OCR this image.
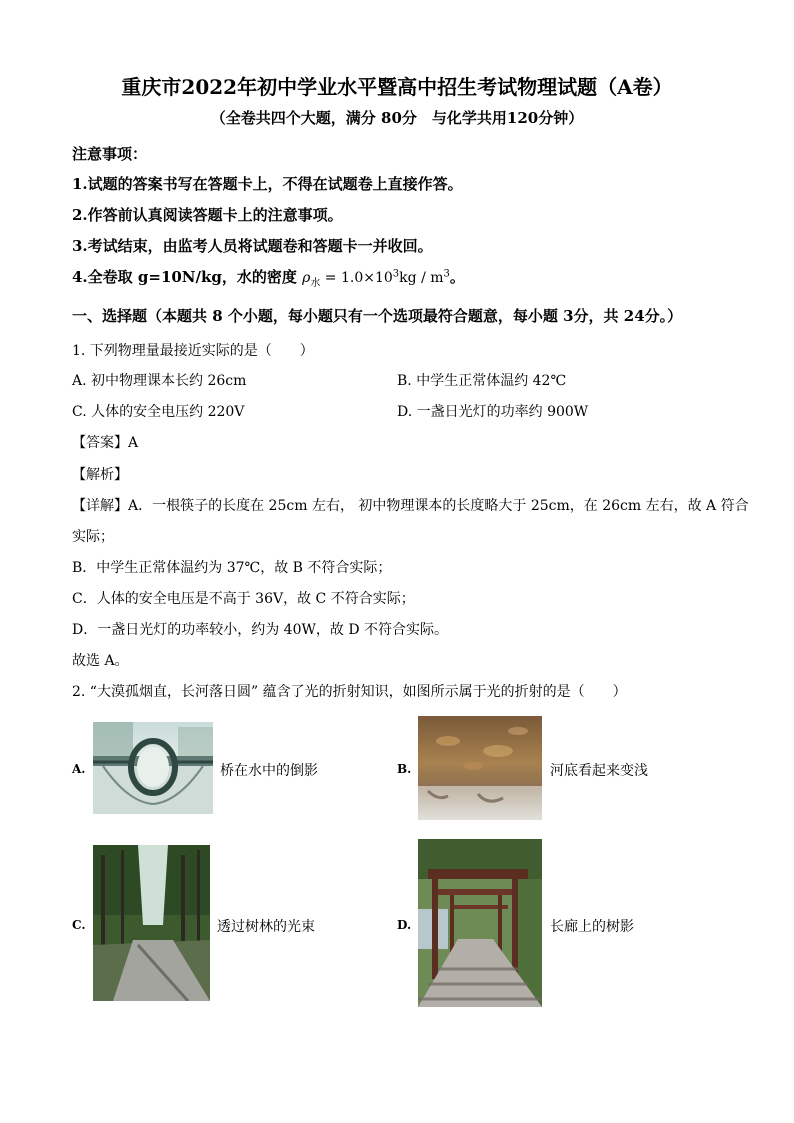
重庆市2022年初中学业水平暨高中招生考试物理试题（A卷）
（全卷共四个大题，满分 80分　与化学共用120分钟）
注意事项：
1.试题的答案书写在答题卡上，不得在试题卷上直接作答。
2.作答前认真阅读答题卡上的注意事项。
3.考试结束，由监考人员将试题卷和答题卡一并收回。
4.全卷取 g=10N/kg，水的密度 $\rho_水 = 1.0\times 10^3kg / m^3$。
一、选择题（本题共 8 个小题，每小题只有一个选项最符合题意，每小题 3分，共 24分。）
1. 下列物理量最接近实际的是（　　）
A. 初中物理课本长约 26cm	B. 中学生正常体温约 42℃
C. 人体的安全电压约 220V	D. 一盏日光灯的功率约 900W
【答案】A
【解析】
【详解】A．一根筷子的长度在 25cm 左右， 初中物理课本的长度略大于 25cm，在 26cm 左右，故 A 符合
实际；
B．中学生正常体温约为 37℃，故 B 不符合实际；
C．人体的安全电压是不高于 36V，故 C 不符合实际；
D．一盏日光灯的功率较小，约为 40W，故 D 不符合实际。
故选 A。
2. “大漠孤烟直，长河落日圆” 蕴含了光的折射知识，如图所示属于光的折射的是（　　）
A.	桥在水中的倒影	B.	河底看起来变浅
C.	透过树林的光束	D.	长廊上的树影
